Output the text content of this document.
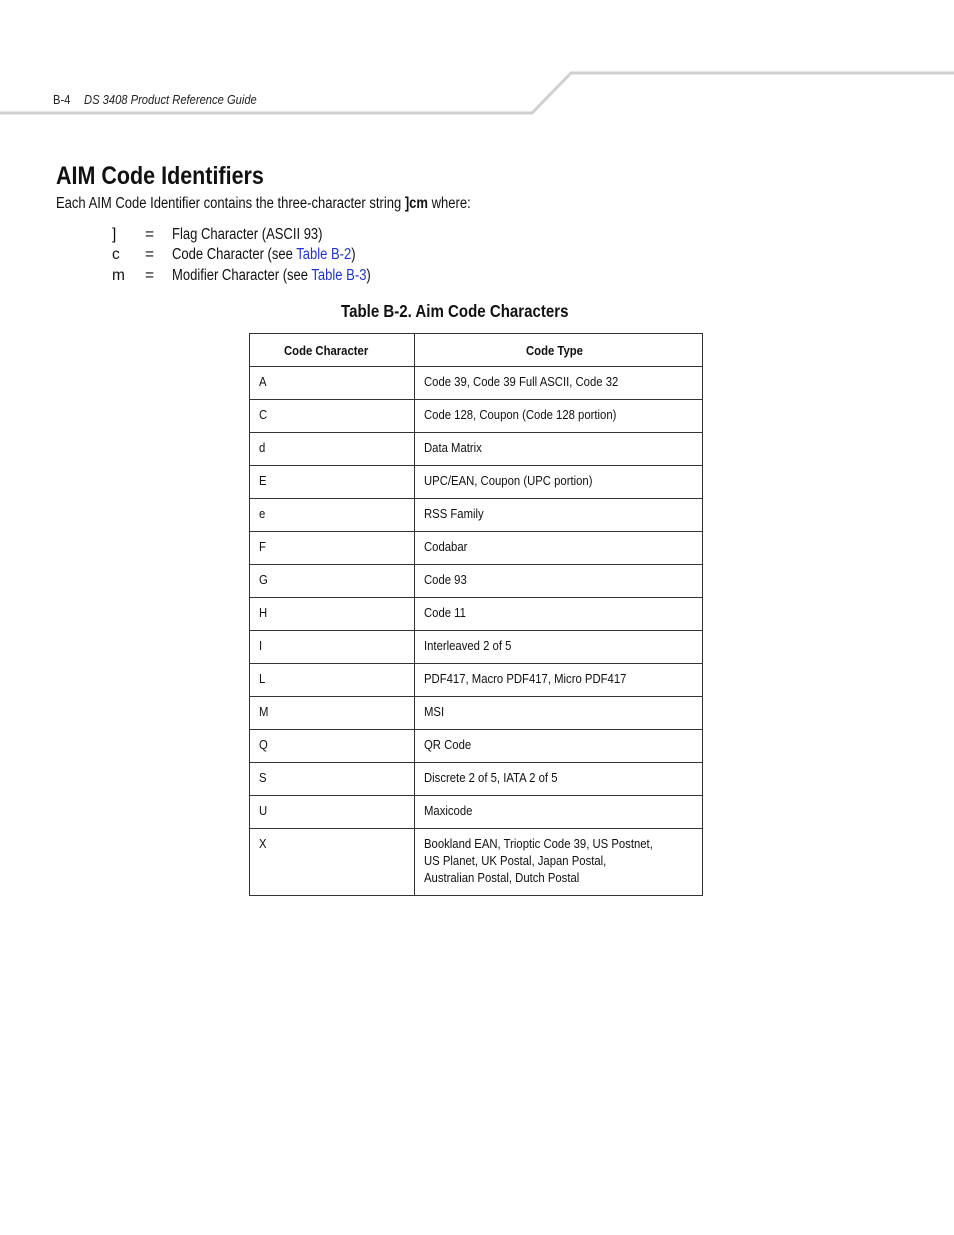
B-4 DS 3408 Product Reference Guide
AIM Code Identifiers
Each AIM Code Identifier contains the three-character string ]cm where:
] = Flag Character (ASCII 93)
c = Code Character (see Table B-2)
m = Modifier Character (see Table B-3)
Table B-2. Aim Code Characters
Code Character	Code Type

A	Code 39, Code 39 Full ASCII, Code 32

C	Code 128, Coupon (Code 128 portion)

d	Data Matrix

E	UPC/EAN, Coupon (UPC portion)

e	RSS Family

F	Codabar

G	Code 93

H	Code 11

I	Interleaved 2 of 5

L	PDF417, Macro PDF417, Micro PDF417

M	MSI

Q	QR Code

S	Discrete 2 of 5, IATA 2 of 5

U	Maxicode

X	Bookland EAN, Trioptic Code 39, US Postnet, US Planet, UK Postal, Japan Postal, Australian Postal, Dutch Postal
